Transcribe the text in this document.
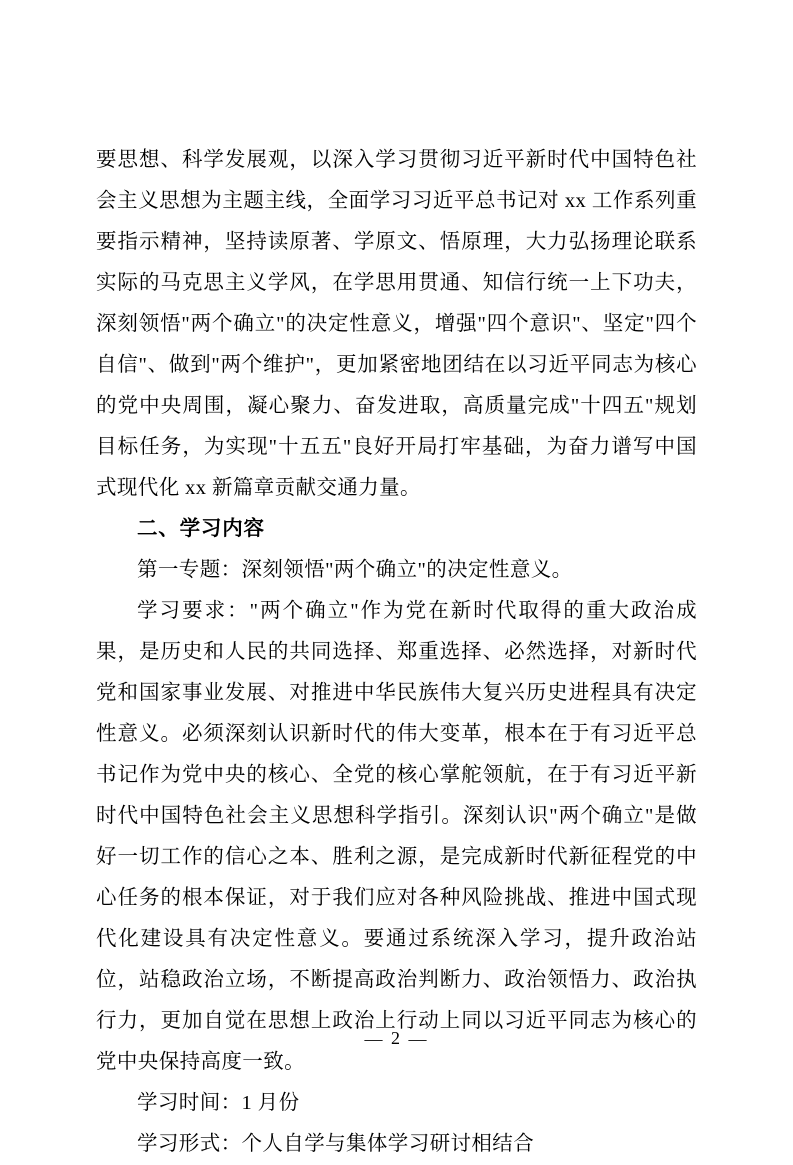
要思想、科学发展观，以深入学习贯彻习近平新时代中国特色社会主义思想为主题主线，全面学习习近平总书记对 xx 工作系列重要指示精神，坚持读原著、学原文、悟原理，大力弘扬理论联系实际的马克思主义学风，在学思用贯通、知信行统一上下功夫，深刻领悟"两个确立"的决定性意义，增强"四个意识"、坚定"四个自信"、做到"两个维护"，更加紧密地团结在以习近平同志为核心的党中央周围，凝心聚力、奋发进取，高质量完成"十四五"规划目标任务，为实现"十五五"良好开局打牢基础，为奋力谱写中国式现代化 xx 新篇章贡献交通力量。

二、学习内容

第一专题：深刻领悟"两个确立"的决定性意义。

学习要求："两个确立"作为党在新时代取得的重大政治成果，是历史和人民的共同选择、郑重选择、必然选择，对新时代党和国家事业发展、对推进中华民族伟大复兴历史进程具有决定性意义。必须深刻认识新时代的伟大变革，根本在于有习近平总书记作为党中央的核心、全党的核心掌舵领航，在于有习近平新时代中国特色社会主义思想科学指引。深刻认识"两个确立"是做好一切工作的信心之本、胜利之源，是完成新时代新征程党的中心任务的根本保证，对于我们应对各种风险挑战、推进中国式现代化建设具有决定性意义。要通过系统深入学习，提升政治站位，站稳政治立场，不断提高政治判断力、政治领悟力、政治执行力，更加自觉在思想上政治上行动上同以习近平同志为核心的党中央保持高度一致。

学习时间：1 月份

学习形式：个人自学与集体学习研讨相结合

— 2 —
